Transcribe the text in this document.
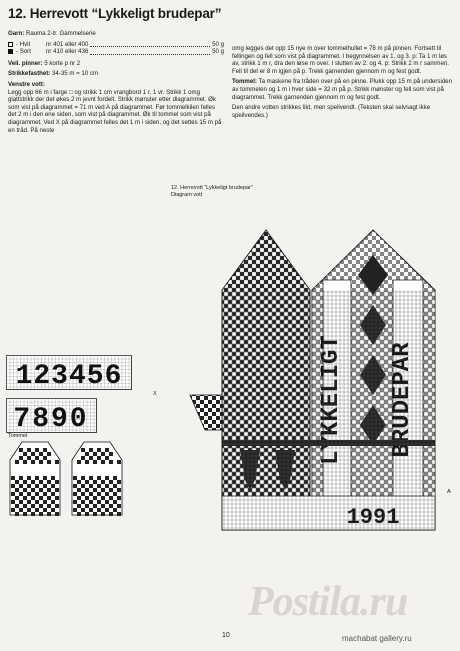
12. Herrevott “Lykkeligt brudepar”
Garn:
Rauma 2-tr. Gammelserie
- Hvit	nr 401 eller 400	50 g
- Sort	nr 410 eller 436	50 g

Veil. pinner: 5 korte p nr 2

Strikkefasthet: 34-35 m = 10 cm

Venstre vott:

Legg opp 66 m i farge □ og strikk 1 cm vrangbord 1 r. 1 vr. Strikk 1 omg glattstrikk der det økes 2 m jevnt fordelt. Strikk mønster etter diagrammet. Øk som vist på diagrammet = 71 m ved A på diagrammet. Før tommelkilen felles det 2 m i den ene siden, som vist på diagrammet. Øk til tommel som vist på diagrammet. Ved X på diagrammet felles det 1 m i siden, og det settes 15 m på en tråd. På neste

omg legges det opp 15 nye m over tommelhullet = 78 m på pinnen. Fortsett til fellingen og fell som vist på diagrammet. I begynnelsen av 1. og 3. p: Ta 1 m løs av, strikk 1 m r, dra den løse m over. I slutten av 2. og 4. p: Strikk 2 m r sammen. Fell til det er 8 m igjen på p. Trekk garnenden gjennom m og fest godt.

Tommel: Ta maskene fra tråden over på en pinne. Plukk opp 15 m på undersiden av tommelen og 1 m i hver side = 32 m på p. Strikk mønster og fell som vist på diagrammet. Trekk garnenden gjennom m og fest godt.

Den andre votten strikkes likt, men speilvendt. (Teksten skal selvsagt ikke speilvendes.)

12. Herrevott “Lykkeligt brudepar”
Diagram vott
123456
7890
Tommel
X
A
Postila.ru
10	machabat gallery.ru
